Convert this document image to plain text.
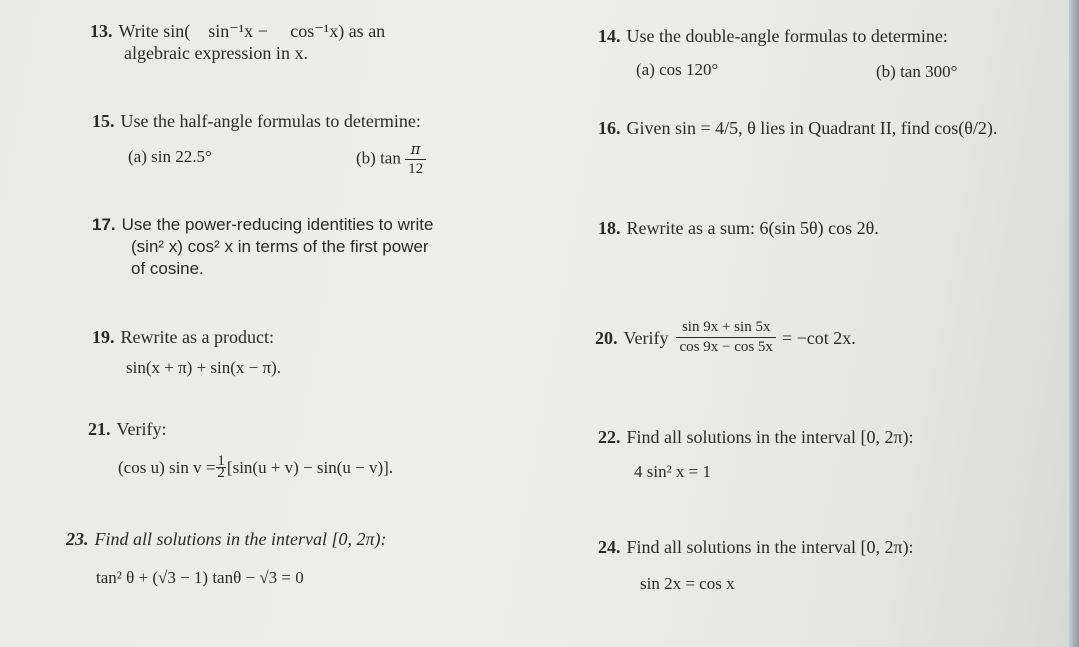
13. Write sin( sin⁻¹x −  cos⁻¹x) as an
algebraic expression in x.
14. Use the double-angle formulas to determine:
(a) cos 120°	(b) tan 300°
15. Use the half-angle formulas to determine:
(a) sin 22.5°	(b) $\tan \frac{\pi}{12}$
16. Given sin = 4/5, θ lies in Quadrant II, find cos(θ/2).
17. Use the power-reducing identities to write
(sin² x) cos² x in terms of the first power
of cosine.
18. Rewrite as a sum: 6(sin 5θ) cos 2θ.
19. Rewrite as a product:
sin(x + π) + sin(x − π).
20. Verify $\frac{\sin 9x + \sin 5x}{\cos 9x - \cos 5x} = -\cot$ 2x.
21. Verify:
(cos u) $\sin v = \frac{1}{2} [\sin(u + v) - \sin(u - v)]$.
22. Find all solutions in the interval [0, 2π):
4 sin² x = 1
23. Find all solutions in the interval [0, 2π):
tan² θ + (√3 − 1) tanθ − √3 = 0
24. Find all solutions in the interval [0, 2π):
sin 2x = cos x
